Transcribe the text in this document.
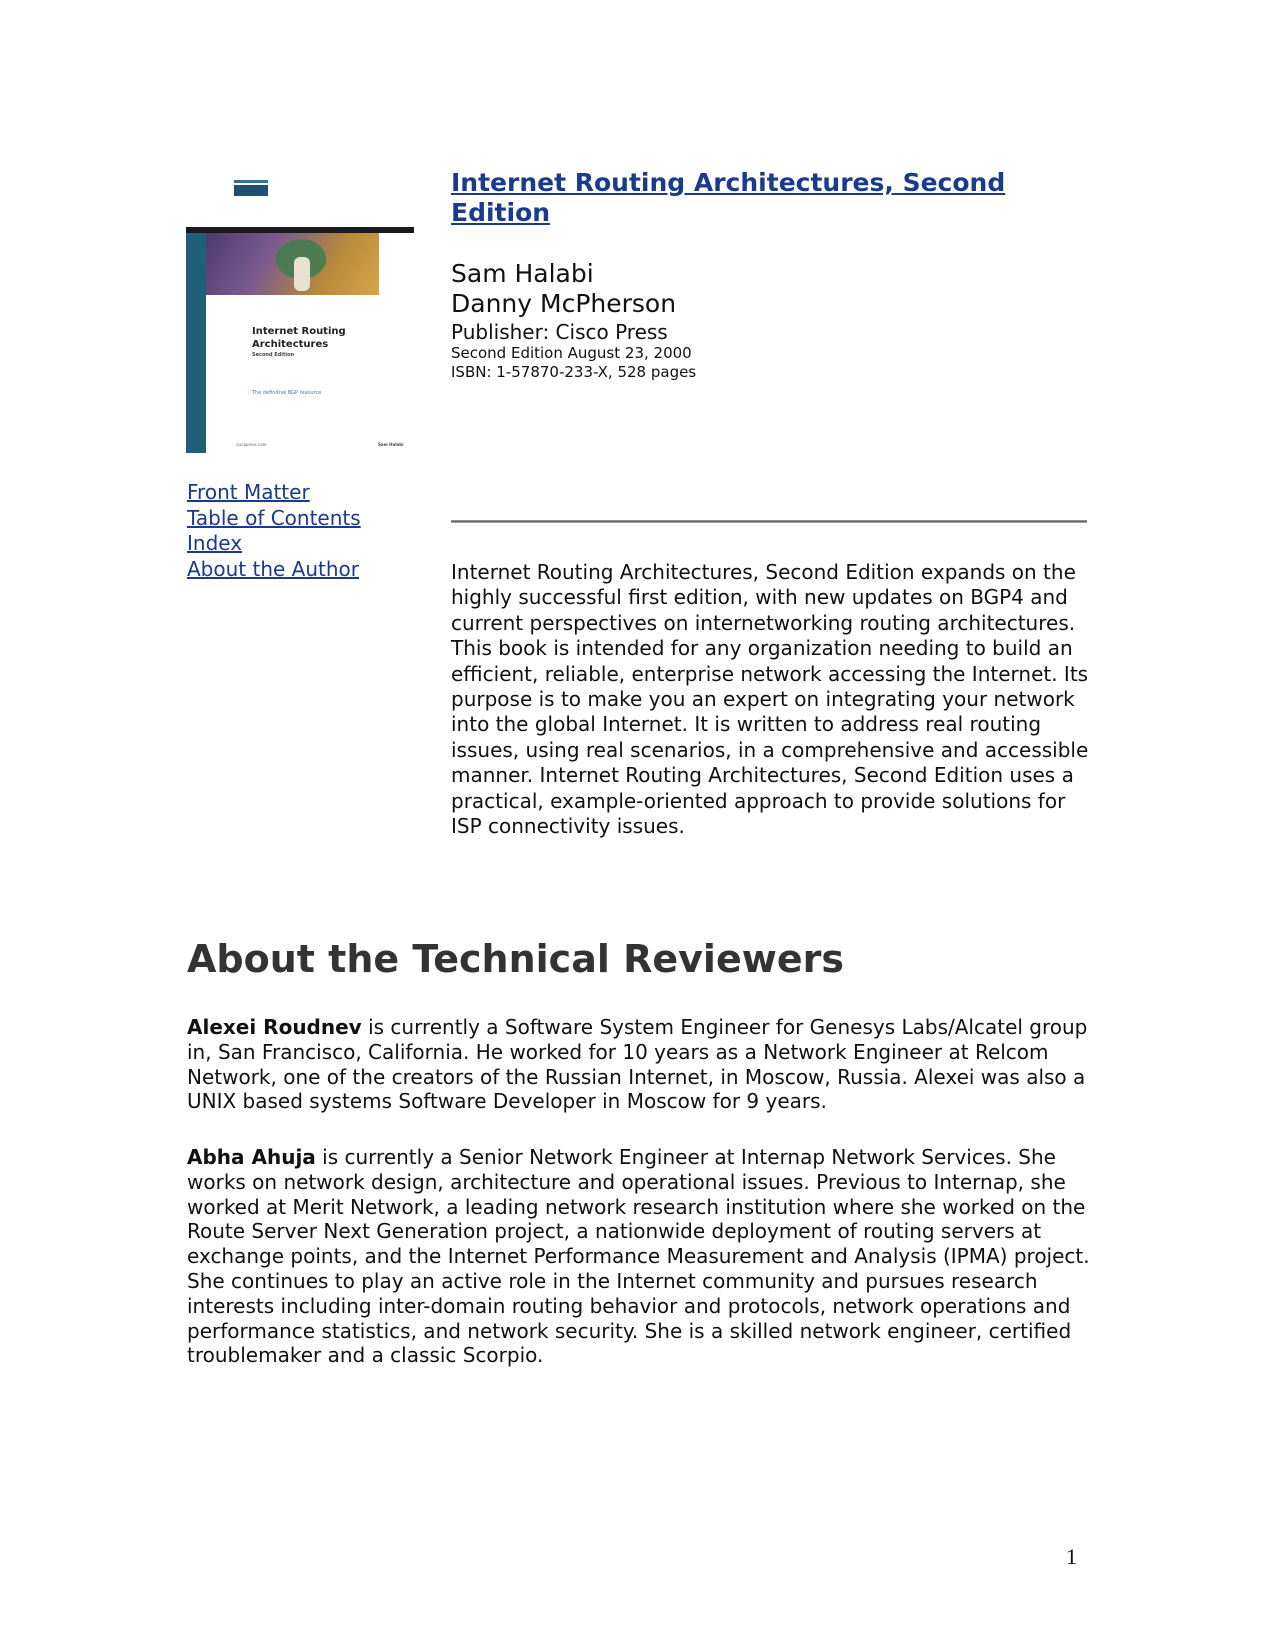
Internet Routing
Architectures
Second Edition
The definitive BGP resource
ciscopress.com	Sam Halabi
Internet Routing Architectures, Second Edition
Sam Halabi
Danny McPherson
Publisher: Cisco Press
Second Edition August 23, 2000
ISBN: 1-57870-233-X, 528 pages
Front Matter
Table of Contents
Index
About the Author	Internet Routing Architectures, Second Edition expands on the highly successful first edition, with new updates on BGP4 and current perspectives on internetworking routing architectures. This book is intended for any organization needing to build an efficient, reliable, enterprise network accessing the Internet. Its purpose is to make you an expert on integrating your network into the global Internet. It is written to address real routing issues, using real scenarios, in a comprehensive and accessible manner. Internet Routing Architectures, Second Edition uses a practical, example-oriented approach to provide solutions for ISP connectivity issues.

About the Technical Reviewers

Alexei Roudnev is currently a Software System Engineer for Genesys Labs/Alcatel group in, San Francisco, California. He worked for 10 years as a Network Engineer at Relcom Network, one of the creators of the Russian Internet, in Moscow, Russia. Alexei was also a UNIX based systems Software Developer in Moscow for 9 years.

Abha Ahuja is currently a Senior Network Engineer at Internap Network Services. She works on network design, architecture and operational issues. Previous to Internap, she worked at Merit Network, a leading network research institution where she worked on the Route Server Next Generation project, a nationwide deployment of routing servers at exchange points, and the Internet Performance Measurement and Analysis (IPMA) project. She continues to play an active role in the Internet community and pursues research interests including inter-domain routing behavior and protocols, network operations and performance statistics, and network security. She is a skilled network engineer, certified troublemaker and a classic Scorpio.

1
